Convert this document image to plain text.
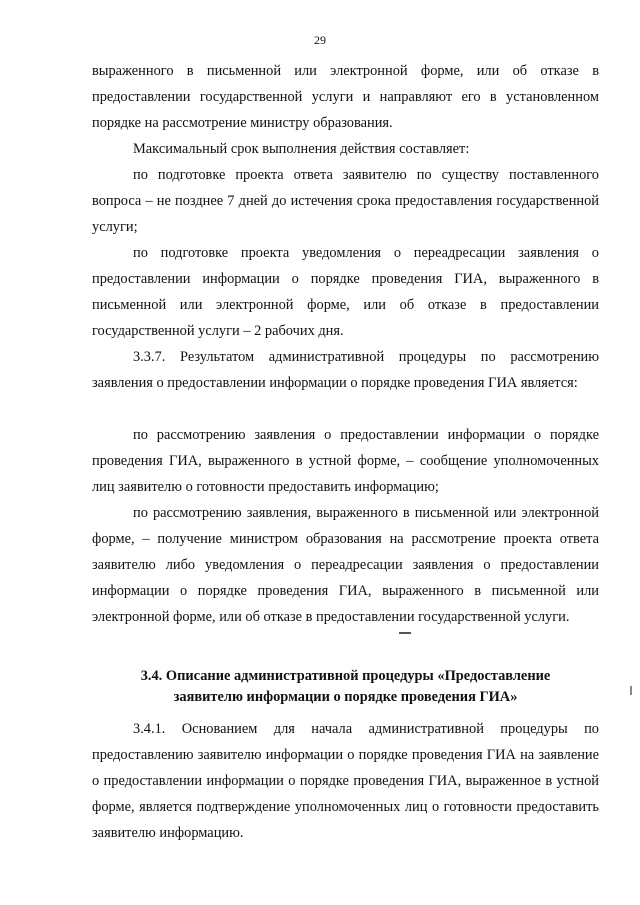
29

выраженного в письменной или электронной форме, или об отказе в предоставлении государственной услуги и направляют его в установленном порядке на рассмотрение министру образования.

Максимальный срок выполнения действия составляет:

по подготовке проекта ответа заявителю по существу поставленного вопроса – не позднее 7 дней до истечения срока предоставления государственной услуги;

по подготовке проекта уведомления о переадресации заявления о предоставлении информации о порядке проведения ГИА, выраженного в письменной или электронной форме, или об отказе в предоставлении государственной услуги – 2 рабочих дня.

3.3.7. Результатом административной процедуры по рассмотрению заявления о предоставлении информации о порядке проведения ГИА является:

по рассмотрению заявления о предоставлении информации о порядке проведения ГИА, выраженного в устной форме, – сообщение уполномоченных лиц заявителю о готовности предоставить информацию;

по рассмотрению заявления, выраженного в письменной или электронной форме, – получение министром образования на рассмотрение проекта ответа заявителю либо уведомления о переадресации заявления о предоставлении информации о порядке проведения ГИА, выраженного в письменной или электронной форме, или об отказе в предоставлении государственной услуги.

3.4. Описание административной процедуры «Предоставление

заявителю информации о порядке проведения ГИА»

3.4.1. Основанием для начала административной процедуры по предоставлению заявителю информации о порядке проведения ГИА на заявление о предоставлении информации о порядке проведения ГИА, выраженное в устной форме, является подтверждение уполномоченных лиц о готовности предоставить заявителю информацию.
